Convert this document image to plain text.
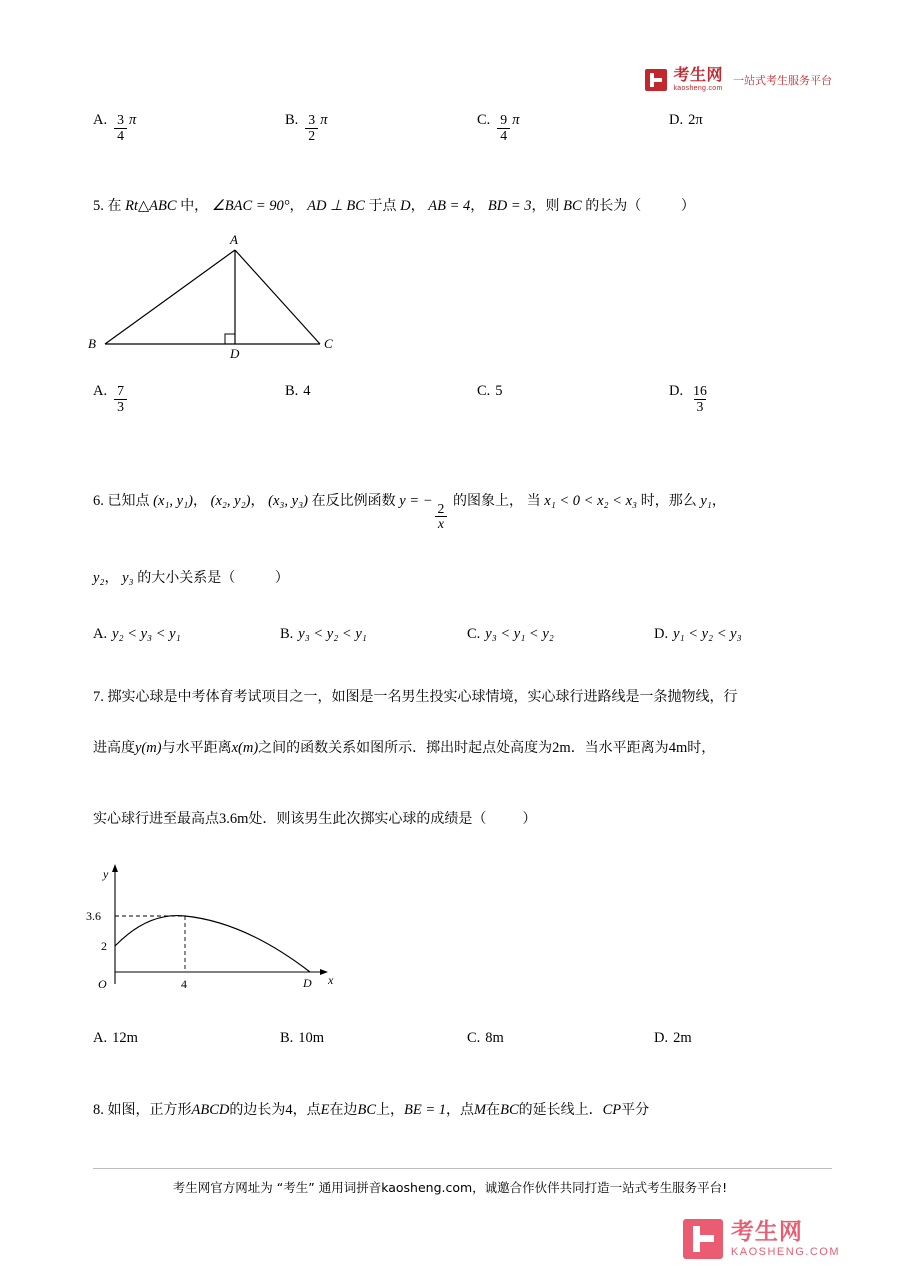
考生网
kaosheng.com
一站式考生服务平台
A. $\frac{3}{4}$ π	B. $\frac{3}{2}$ π	C. $\frac{9}{4}$ π	D. 2π
5. 在 Rt△ABC 中， ∠BAC = 90°， AD ⊥ BC 于点 D， AB = 4， BD = 3，则 BC 的长为（	）
A
B	C
D
A. $\frac{7}{3}$	B. 4	C. 5	D. $\frac{16}{3}$
6. 已知点 (x₁, y₁)， (x₂, y₂)， (x₃, y₃) 在反比例函数 y = −
$\frac{2}{x}$
的图象上， 当 x₁ < 0 < x₂ < x₃ 时，那么 y₁，
y₂， y₃ 的大小关系是（	）
A. y₂ < y₃ < y₁	B. y₃ < y₂ < y₁	C. y₃ < y₁ < y₂	D. y₁ < y₂ < y₃
7. 掷实心球是中考体育考试项目之一，如图是一名男生投实心球情境，实心球行进路线是一条抛物线，行
进高度y(m)与水平距离x(m)之间的函数关系如图所示．掷出时起点处高度为2m．当水平距离为4m时，
实心球行进至最高点3.6m处．则该男生此次掷实心球的成绩是（	）
y
x
O
3.6
2
4	D
A. 12m	B. 10m	C. 8m	D. 2m
8. 如图，正方形ABCD的边长为4，点E在边BC上，BE = 1，点M在BC的延长线上．CP平分
考生网官方网址为 “考生” 通用词拼音kaosheng.com，诚邀合作伙伴共同打造一站式考生服务平台!
考生网
KAOSHENG.COM
